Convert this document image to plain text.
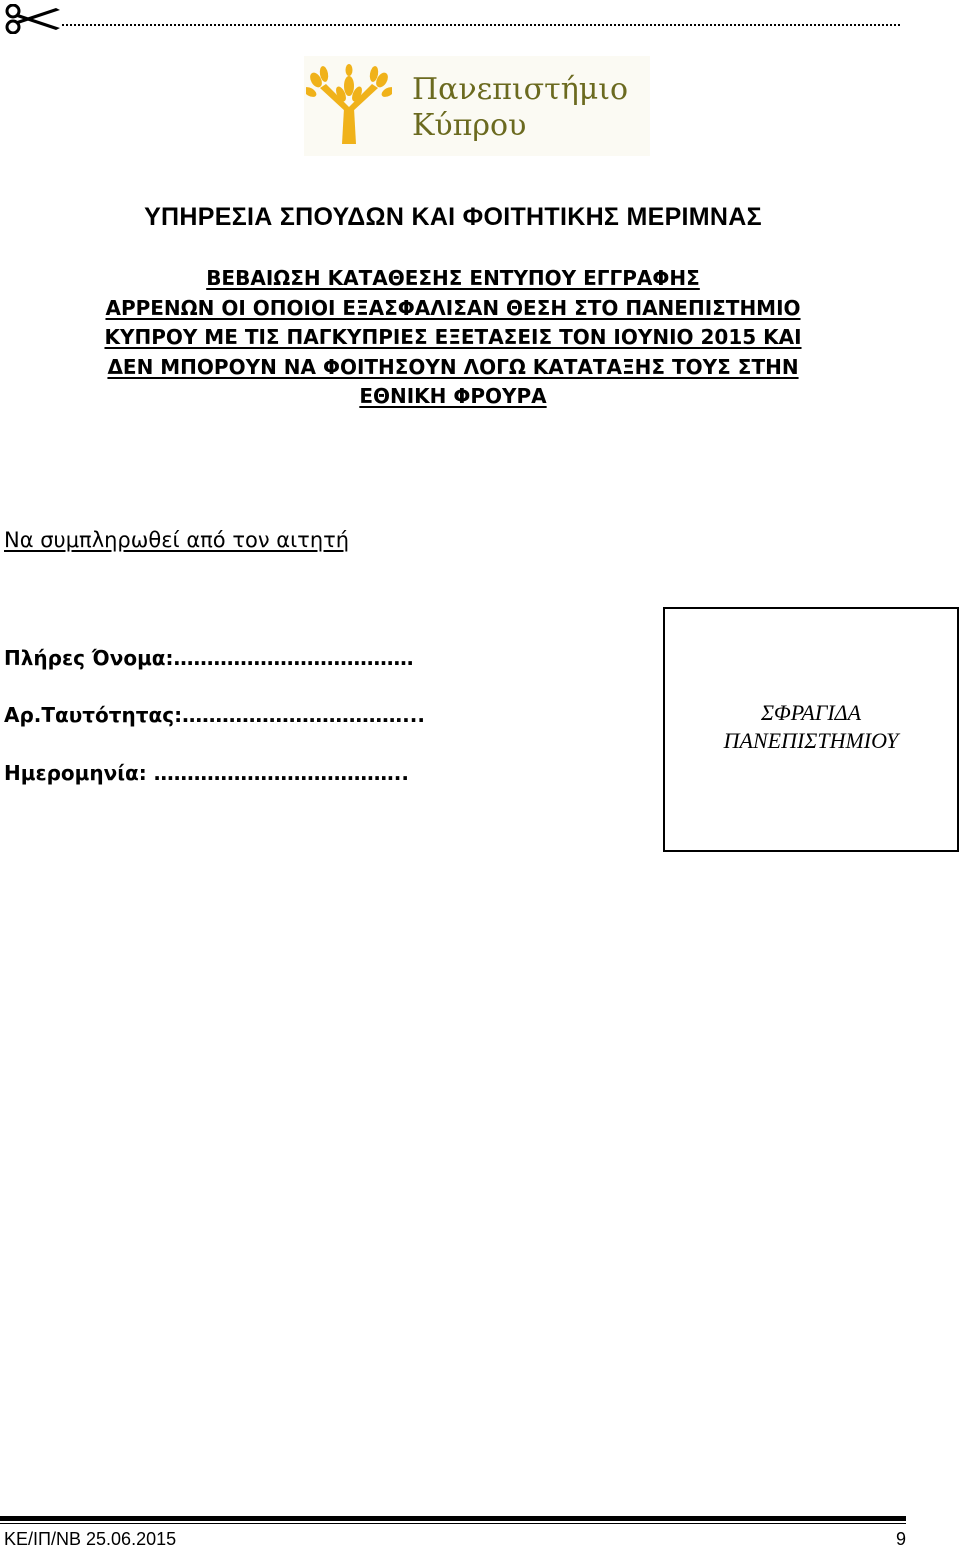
Πανεπιστήμιο
Κύπρου
ΥΠΗΡΕΣΙΑ ΣΠΟΥΔΩΝ ΚΑΙ ΦΟΙΤΗΤΙΚΗΣ ΜΕΡΙΜΝΑΣ
ΒΕΒΑΙΩΣΗ ΚΑΤΑΘΕΣΗΣ ΕΝΤΥΠΟΥ ΕΓΓΡΑΦΗΣ
ΑΡΡΕΝΩΝ ΟΙ ΟΠΟΙΟΙ ΕΞΑΣΦΑΛΙΣΑΝ ΘΕΣΗ ΣΤΟ ΠΑΝΕΠΙΣΤΗΜΙΟ
ΚΥΠΡΟΥ ΜΕ ΤΙΣ ΠΑΓΚΥΠΡΙΕΣ ΕΞΕΤΑΣΕΙΣ ΤΟΝ ΙΟΥΝΙΟ 2015 ΚΑΙ
ΔΕΝ ΜΠΟΡΟΥΝ ΝΑ ΦΟΙΤΗΣΟΥΝ ΛΟΓΩ ΚΑΤΑΤΑΞΗΣ ΤΟΥΣ ΣΤΗΝ
ΕΘΝΙΚΗ ΦΡΟΥΡΑ
Να συμπληρωθεί από τον αιτητή
Πλήρες Όνομα:………………………………
Αρ.Ταυτότητας:……………………………...
Ημερομηνία: ………………………………..
ΣΦΡΑΓΙΔΑ
ΠΑΝΕΠΙΣΤΗΜΙΟΥ
ΚΕ/ΙΠ/ΝΒ 25.06.2015	9
